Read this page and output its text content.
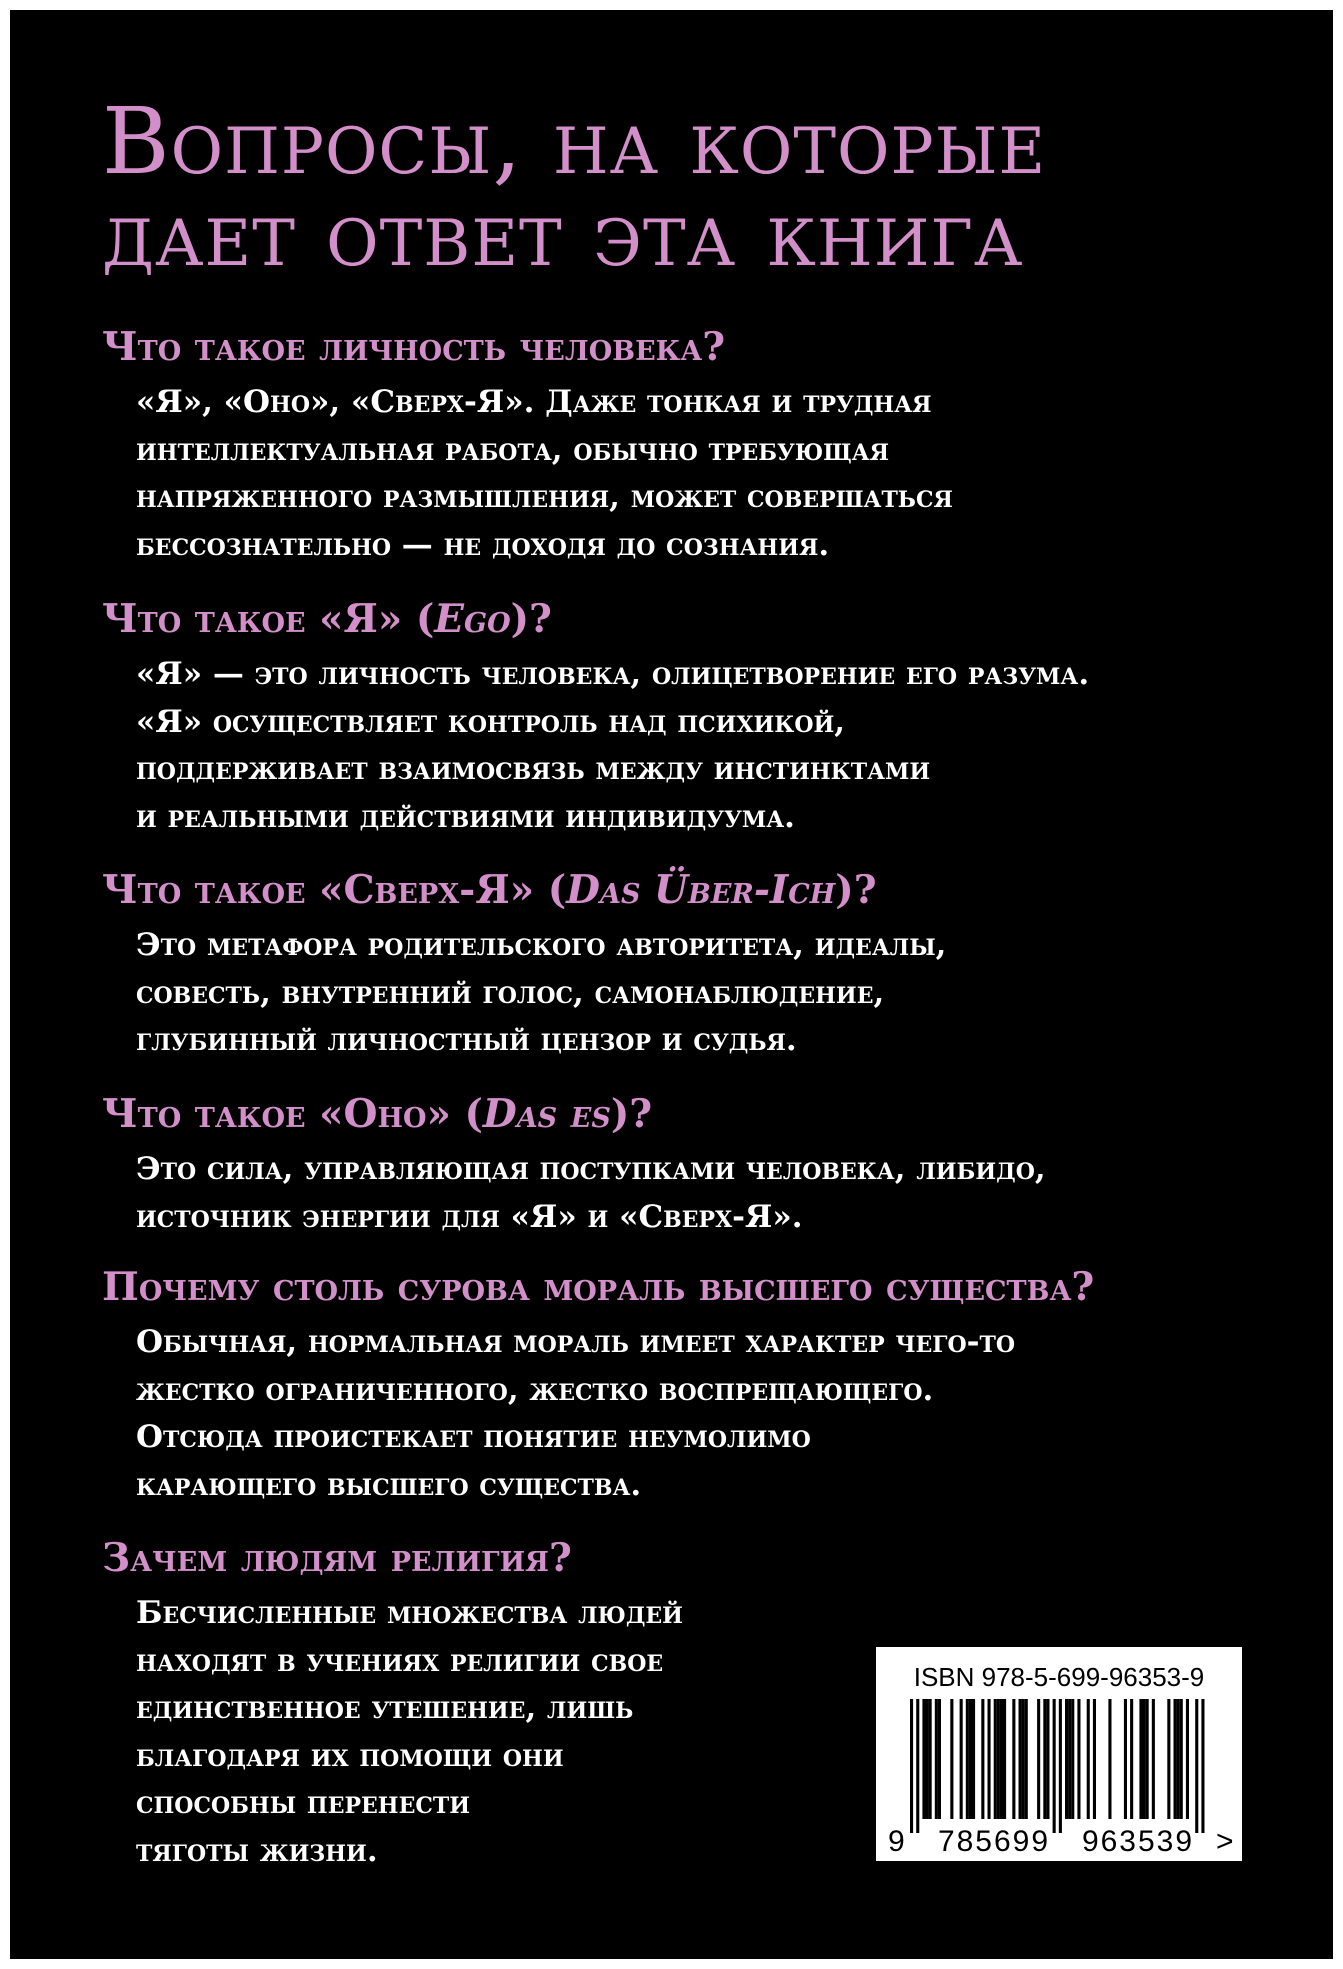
Вопросы, на которые
дает ответ эта книга
Что такое личность человека?

«Я», «Оно», «Сверх-Я». Даже тонкая и трудная
интеллектуальная работа, обычно требующая
напряженного размышления, может совершаться
бессознательно — не доходя до сознания.

Что такое «Я» (Ego)?

«Я» — это личность человека, олицетворение его разума.
«Я» осуществляет контроль над психикой,
поддерживает взаимосвязь между инстинктами
и реальными действиями индивидуума.

Что такое «Сверх-Я» (Das Über-Ich)?

Это метафора родительского авторитета, идеалы,
совесть, внутренний голос, самонаблюдение,
глубинный личностный цензор и судья.

Что такое «Оно» (Das es)?

Это сила, управляющая поступками человека, либидо,
источник энергии для «Я» и «Сверх-Я».

Почему столь сурова мораль высшего существа?

Обычная, нормальная мораль имеет характер чего-то
жестко ограниченного, жестко воспрещающего.
Отсюда проистекает понятие неумолимо
карающего высшего существа.

Зачем людям религия?

Бесчисленные множества людей
находят в учениях религии свое
единственное утешение, лишь
благодаря их помощи они
способны перенести
тяготы жизни.

ISBN 978-5-699-96353-9
9 785699 963539 >
